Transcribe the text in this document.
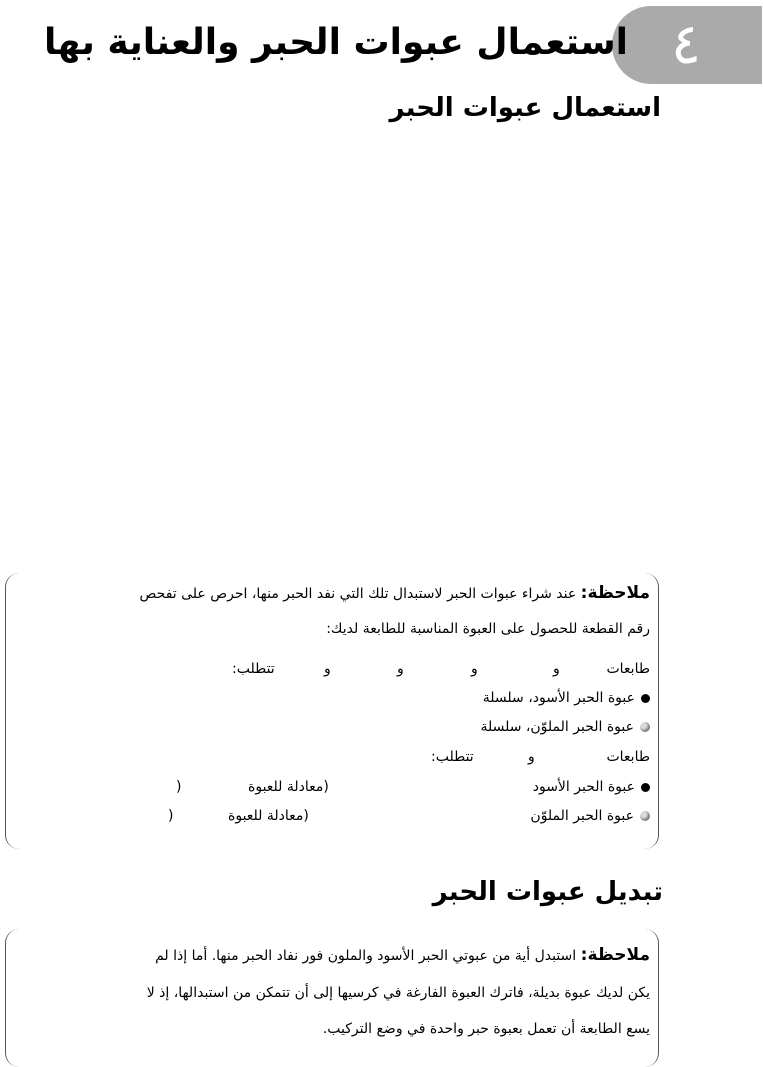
٤
استعمال عبوات الحبر والعناية بها
استعمال عبوات الحبر
ملاحظة: عند شراء عبوات الحبر لاستبدال تلك التي نفد الحبر منها، احرص على تفحص
رقم القطعة للحصول على العبوة المناسبة للطابعة لديك:
طابعات
و
و
و
و
تتطلب:
عبوة الحبر الأسود، سلسلة
عبوة الحبر الملوّن، سلسلة
طابعات
و
تتطلب:
عبوة الحبر الأسود
(معادلة للعبوة
)
عبوة الحبر الملوّن
(معادلة للعبوة
)
تبديل عبوات الحبر
ملاحظة: استبدل أية من عبوتي الحبر الأسود والملون فور نفاد الحبر منها. أما إذا لم
يكن لديك عبوة بديلة، فاترك العبوة الفارغة في كرسيها إلى أن تتمكن من استبدالها، إذ لا
يسع الطابعة أن تعمل بعبوة حبر واحدة في وضع التركيب.
